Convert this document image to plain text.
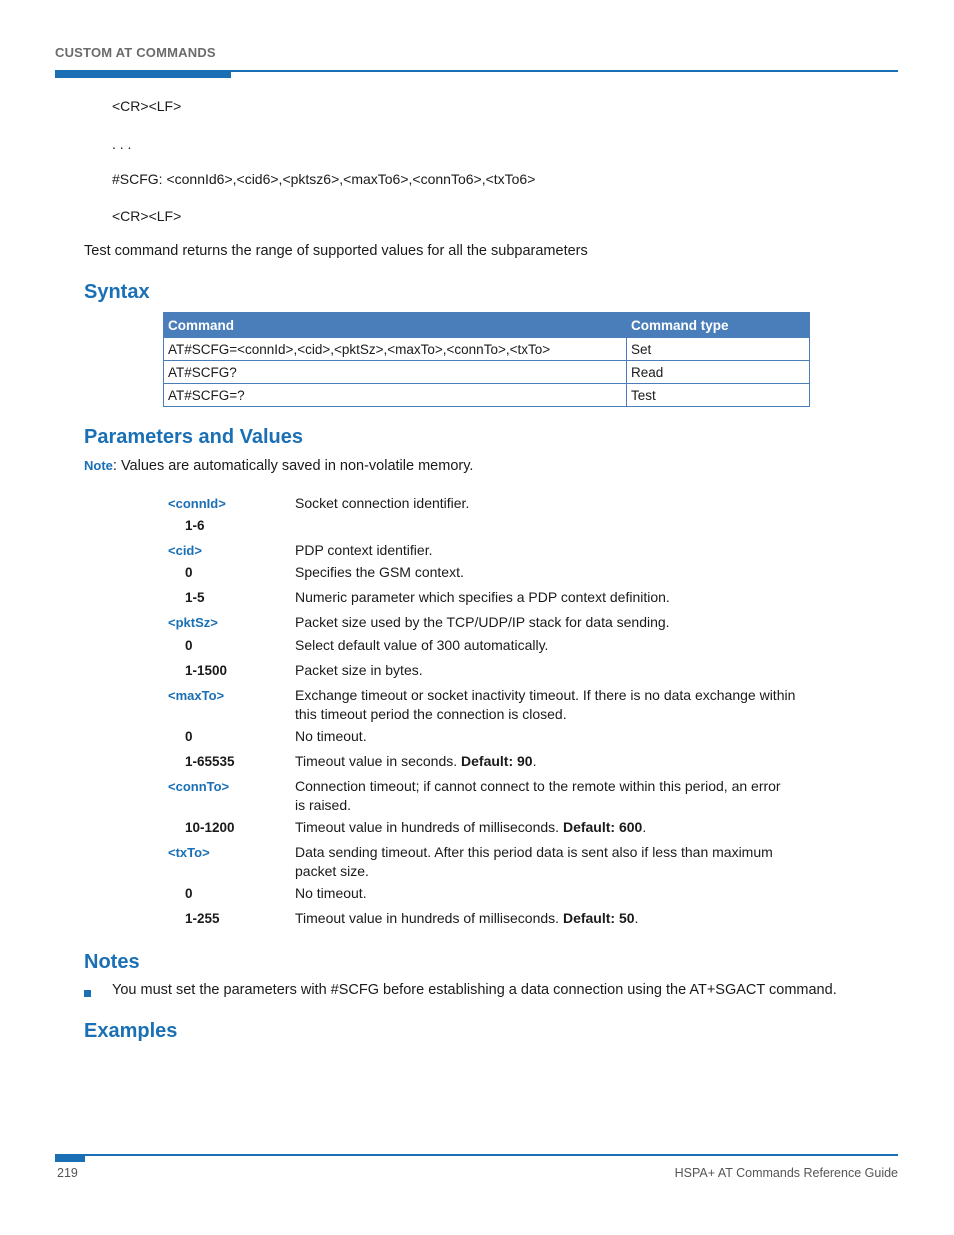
CUSTOM AT COMMANDS
<CR><LF>
. . .
#SCFG: <connId6>,<cid6>,<pktsz6>,<maxTo6>,<connTo6>,<txTo6>
<CR><LF>
Test command returns the range of supported values for all the subparameters
Syntax
Command	Command type
AT#SCFG=<connId>,<cid>,<pktSz>,<maxTo>,<connTo>,<txTo>	Set
AT#SCFG?	Read
AT#SCFG=?	Test
Parameters and Values
Note: Values are automatically saved in non-volatile memory.
<connId>	Socket connection identifier.
1-6
<cid>	PDP context identifier.
0	Specifies the GSM context.
1-5	Numeric parameter which specifies a PDP context definition.
<pktSz>	Packet size used by the TCP/UDP/IP stack for data sending.
0	Select default value of 300 automatically.
1-1500	Packet size in bytes.
<maxTo>	Exchange timeout or socket inactivity timeout. If there is no data exchange within
this timeout period the connection is closed.
0	No timeout.
1-65535	Timeout value in seconds. Default: 90.
<connTo>	Connection timeout; if cannot connect to the remote within this period, an error
is raised.
10-1200	Timeout value in hundreds of milliseconds. Default: 600.
<txTo>	Data sending timeout. After this period data is sent also if less than maximum
packet size.
0	No timeout.
1-255	Timeout value in hundreds of milliseconds. Default: 50.
Notes
You must set the parameters with #SCFG before establishing a data connection using the AT+SGACT command.
Examples
219	HSPA+ AT Commands Reference Guide
